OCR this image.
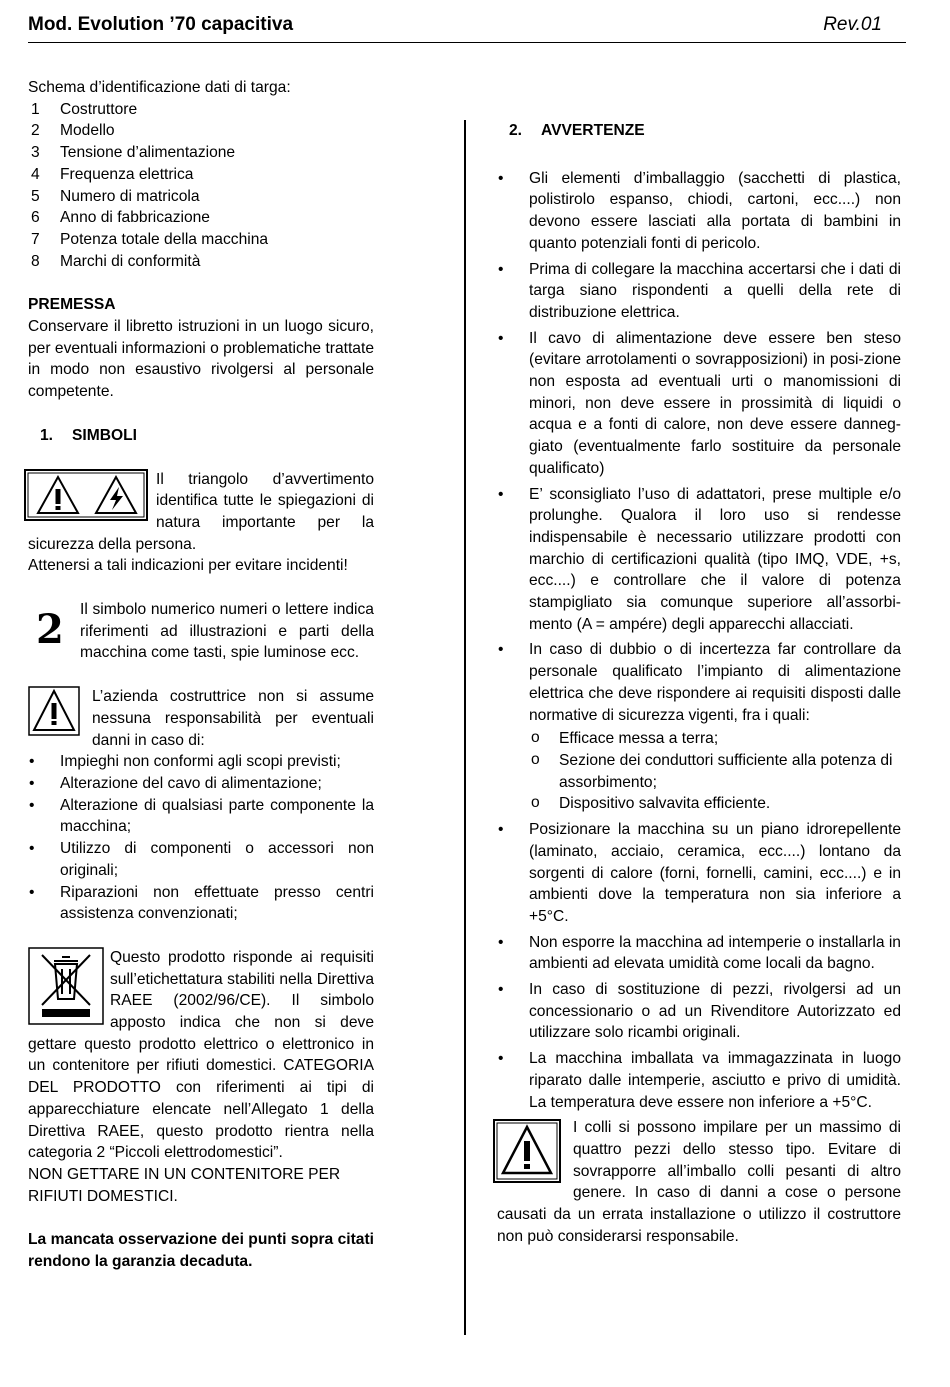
Mod. Evolution ’70 capacitiva	Rev.01

Schema d’identificazione dati di targa:

1 Costruttore
2 Modello
3 Tensione d’alimentazione
4 Frequenza elettrica
5 Numero di matricola
6 Anno di fabbricazione
7 Potenza totale della macchina
8 Marchi di conformità

PREMESSA

Conservare il libretto istruzioni in un luogo sicuro, per eventuali informazioni o problematiche trattate in modo non esaustivo rivolgersi al personale competente.

1. SIMBOLI

Il triangolo d’avvertimento identifica tutte le spiegazioni di natura importante per la sicurezza della persona.

Attenersi a tali indicazioni per evitare incidenti!

2	Il simbolo numerico numeri o lettere indica riferimenti ad illustrazioni e parti della macchina come tasti, spie luminose ecc.

L’azienda costruttrice non si assume nessuna responsabilità per eventuali danni in caso di:

• Impieghi non conformi agli scopi previsti;
• Alterazione del cavo di alimentazione;
• Alterazione di qualsiasi parte componente la macchina;
• Utilizzo di componenti o accessori non originali;
• Riparazioni non effettuate presso centri assistenza convenzionati;

Questo prodotto risponde ai requisiti sull’etichettatura stabiliti nella Direttiva RAEE (2002/96/CE). Il simbolo apposto indica che non si deve gettare questo prodotto elettrico o elettronico in un contenitore per rifiuti domestici. CATEGORIA DEL PRODOTTO con riferimenti ai tipi di apparecchiature elencate nell’Allegato 1 della Direttiva RAEE, questo prodotto rientra nella categoria 2 “Piccoli elettrodomestici”.

NON GETTARE IN UN CONTENITORE PER RIFIUTI DOMESTICI.

La mancata osservazione dei punti sopra citati rendono la garanzia decaduta.

2. AVVERTENZE

• Gli elementi d’imballaggio (sacchetti di plastica, polistirolo espanso, chiodi, cartoni, ecc....) non devono essere lasciati alla portata di bambini in quanto potenziali fonti di pericolo.
• Prima di collegare la macchina accertarsi che i dati di targa siano rispondenti a quelli della rete di distribuzione elettrica.
• Il cavo di alimentazione deve essere ben steso (evitare arrotolamenti o sovrapposizioni) in posi-zione non esposta ad eventuali urti o manomissioni di minori, non deve essere in prossimità di liquidi o acqua e a fonti di calore, non deve essere danneg-giato (eventualmente farlo sostituire da personale qualificato)
• E’ sconsigliato l’uso di adattatori, prese multiple e/o prolunghe. Qualora il loro uso si rendesse indispensabile è necessario utilizzare prodotti con marchio di certificazioni qualità (tipo IMQ, VDE, +s, ecc....) e controllare che il valore di potenza stampigliato sia comunque superiore all’assorbi-mento (A = ampére) degli apparecchi allacciati.
• In caso di dubbio o di incertezza far controllare da personale qualificato l’impianto di alimentazione elettrica che deve rispondere ai requisiti disposti dalle normative di sicurezza vigenti, fra i quali:
o Efficace messa a terra;
o Sezione dei conduttori sufficiente alla potenza di assorbimento;
o Dispositivo salvavita efficiente.
• Posizionare la macchina su un piano idrorepellente (laminato, acciaio, ceramica, ecc....) lontano da sorgenti di calore (forni, fornelli, camini, ecc....) e in ambienti dove la temperatura non sia inferiore a +5°C.
• Non esporre la macchina ad intemperie o installarla in ambienti ad elevata umidità come locali da bagno.
• In caso di sostituzione di pezzi, rivolgersi ad un concessionario o ad un Rivenditore Autorizzato ed utilizzare solo ricambi originali.
• La macchina imballata va immagazzinata in luogo riparato dalle intemperie, asciutto e privo di umidità. La temperatura deve essere non inferiore a +5°C.

I colli si possono impilare per un massimo di quattro pezzi dello stesso tipo. Evitare di sovrapporre all’imballo colli pesanti di altro genere. In caso di danni a cose o persone causati da un errata installazione o utilizzo il costruttore non può considerarsi responsabile.
